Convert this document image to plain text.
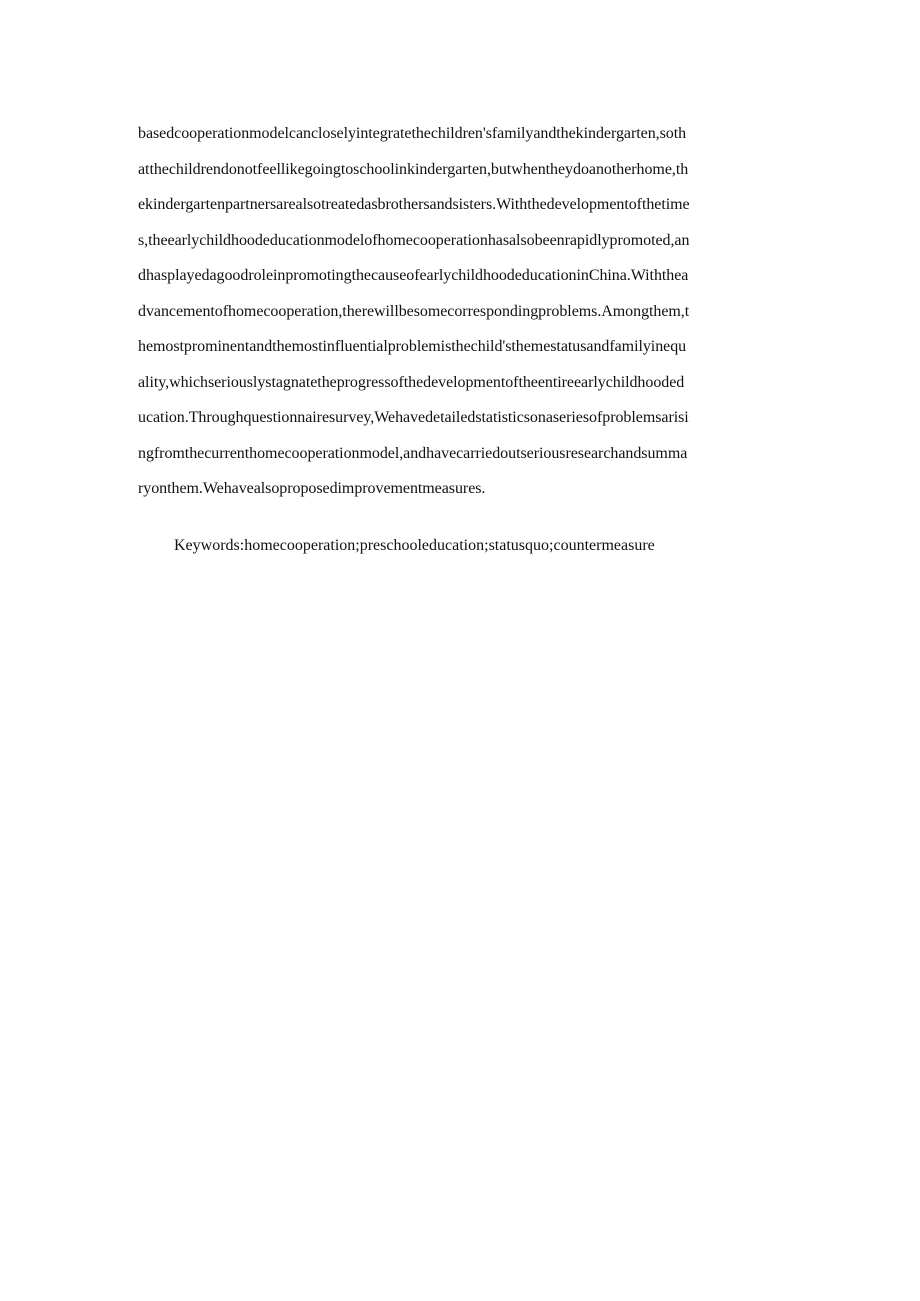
basedcooperationmodelcancloselyintegratethechildren'sfamilyandthekindergarten,soth
atthechildrendonotfeellikegoingtoschoolinkindergarten,butwhentheydoanotherhome,th
ekindergartenpartnersarealsotreatedasbrothersandsisters.Withthedevelopmentofthetime
s,theearlychildhoodeducationmodelofhomecooperationhasalsobeenrapidlypromoted,an
dhasplayedagoodroleinpromotingthecauseofearlychildhoodeducationinChina.Withthea
dvancementofhomecooperation,therewillbesomecorrespondingproblems.Amongthem,t
hemostprominentandthemostinfluentialproblemisthechild'sthemestatusandfamilyinequ
ality,whichseriouslystagnatetheprogressofthedevelopmentoftheentireearlychildhooded
ucation.Throughquestionnairesurvey,Wehavedetailedstatisticsonaseriesofproblemsarisi
ngfromthecurrenthomecooperationmodel,andhavecarriedoutseriousresearchandsumma
ryonthem.Wehavealsoproposedimprovementmeasures.
Keywords:homecooperation;preschooleducation;statusquo;countermeasure
